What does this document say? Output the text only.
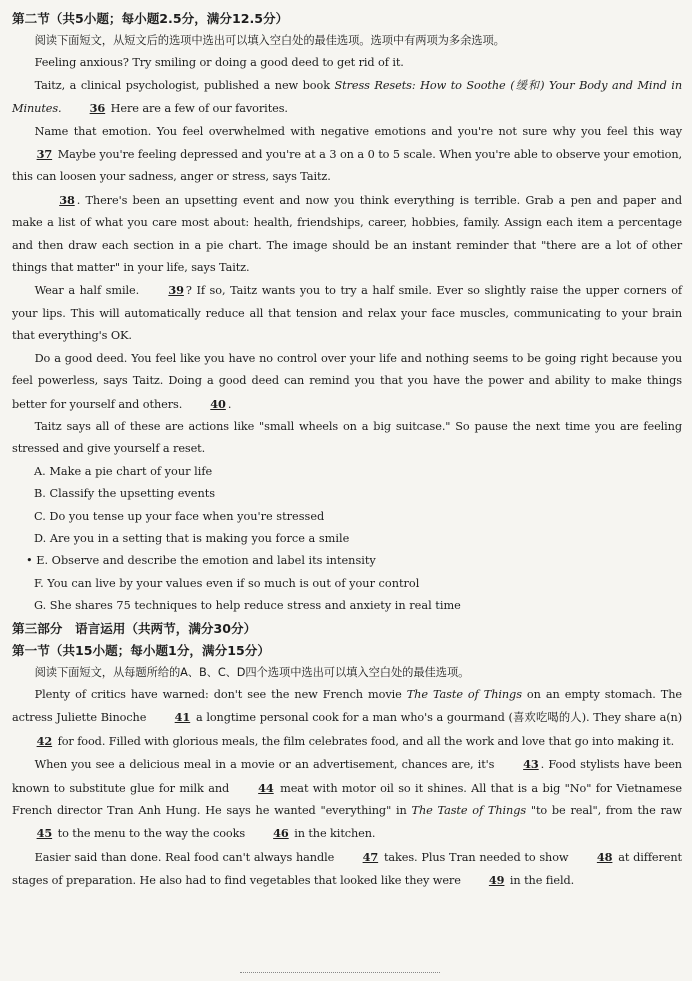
第二节（共5小题；每小题2.5分，满分12.5分）

阅读下面短文，从短文后的选项中选出可以填入空白处的最佳选项。选项中有两项为多余选项。

Feeling anxious? Try smiling or doing a good deed to get rid of it.

Taitz, a clinical psychologist, published a new book Stress Resets: How to Soothe (缓和) Your Body and Mind in Minutes. 36 Here are a few of our favorites.

Name that emotion. You feel overwhelmed with negative emotions and you're not sure why you feel this way 37 Maybe you're feeling depressed and you're at a 3 on a 0 to 5 scale. When you're able to observe your emotion, this can loosen your sadness, anger or stress, says Taitz.

38 . There's been an upsetting event and now you think everything is terrible. Grab a pen and paper and make a list of what you care most about: health, friendships, career, hobbies, family. Assign each item a percentage and then draw each section in a pie chart. The image should be an instant reminder that "there are a lot of other things that matter" in your life, says Taitz.

Wear a half smile.	39 ? If so, Taitz wants you to try a half smile. Ever so slightly raise the upper corners of your lips. This will automatically reduce all that tension and relax your face muscles, communicating to your brain that everything's OK.

Do a good deed. You feel like you have no control over your life and nothing seems to be going right because you feel powerless, says Taitz. Doing a good deed can remind you that you have the power and ability to make things better for yourself and others. 40 .

Taitz says all of these are actions like "small wheels on a big suitcase." So pause the next time you are feeling stressed and give yourself a reset.

A. Make a pie chart of your life
B. Classify the upsetting events
C. Do you tense up your face when you're stressed
D. Are you in a setting that is making you force a smile
• E. Observe and describe the emotion and label its intensity
F. You can live by your values even if so much is out of your control
G. She shares 75 techniques to help reduce stress and anxiety in real time
第三部分　语言运用（共两节，满分30分）
第一节（共15小题；每小题1分，满分15分）

阅读下面短文，从每题所给的A、B、C、D四个选项中选出可以填入空白处的最佳选项。

Plenty of critics have warned: don't see the new French movie The Taste of Things on an empty stomach. The actress Juliette Binoche	41 a longtime personal cook for a man who's a gourmand (喜欢吃喝的人). They share a(n) 42 for food. Filled with glorious meals, the film celebrates food, and all the work and love that go into making it.

When you see a delicious meal in a movie or an advertisement, chances are, it's	43 . Food stylists have been known to substitute glue for milk and	44 meat with motor oil so it shines. All that is a big "No" for Vietnamese French director Tran Anh Hung. He says he wanted "everything" in The Taste of Things "to be real", from the raw 45 to the menu to the way the cooks 46 in the kitchen.

Easier said than done. Real food can't always handle	47 takes. Plus Tran needed to show	48 at different stages of preparation. He also had to find vegetables that looked like they were 49 in the field.
